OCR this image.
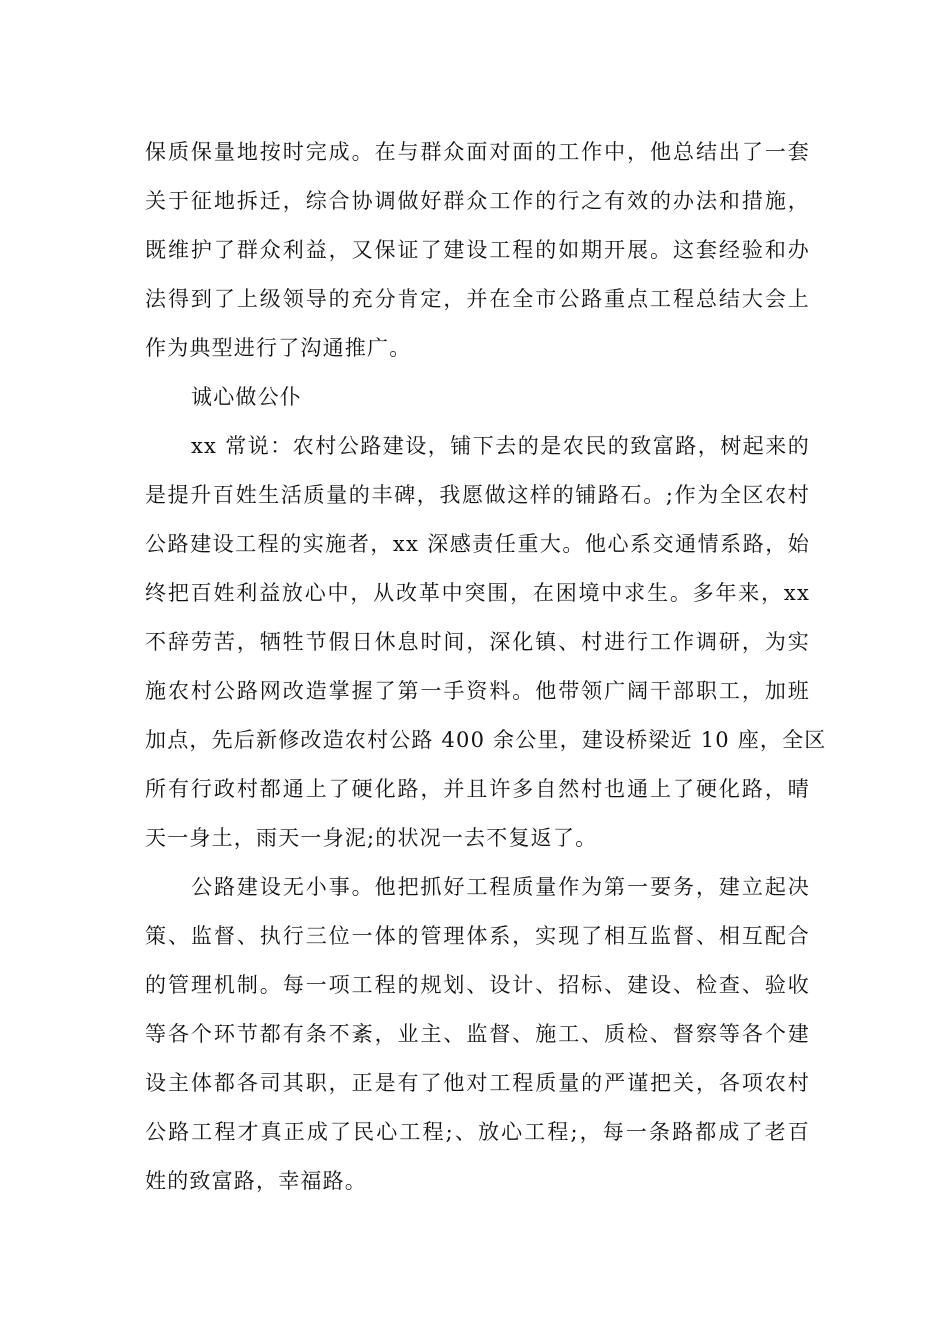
保质保量地按时完成。在与群众面对面的工作中，他总结出了一套
关于征地拆迁，综合协调做好群众工作的行之有效的办法和措施，
既维护了群众利益，又保证了建设工程的如期开展。这套经验和办
法得到了上级领导的充分肯定，并在全市公路重点工程总结大会上
作为典型进行了沟通推广。
诚心做公仆
xx 常说：农村公路建设，铺下去的是农民的致富路，树起来的
是提升百姓生活质量的丰碑，我愿做这样的铺路石。;作为全区农村
公路建设工程的实施者，xx 深感责任重大。他心系交通情系路，始
终把百姓利益放心中，从改革中突围，在困境中求生。多年来，xx
不辞劳苦，牺牲节假日休息时间，深化镇、村进行工作调研，为实
施农村公路网改造掌握了第一手资料。他带领广阔干部职工，加班
加点，先后新修改造农村公路 400 余公里，建设桥梁近 10 座，全区
所有行政村都通上了硬化路，并且许多自然村也通上了硬化路，晴
天一身土，雨天一身泥;的状况一去不复返了。
公路建设无小事。他把抓好工程质量作为第一要务，建立起决
策、监督、执行三位一体的管理体系，实现了相互监督、相互配合
的管理机制。每一项工程的规划、设计、招标、建设、检查、验收
等各个环节都有条不紊，业主、监督、施工、质检、督察等各个建
设主体都各司其职，正是有了他对工程质量的严谨把关，各项农村
公路工程才真正成了民心工程;、放心工程;，每一条路都成了老百
姓的致富路，幸福路。
